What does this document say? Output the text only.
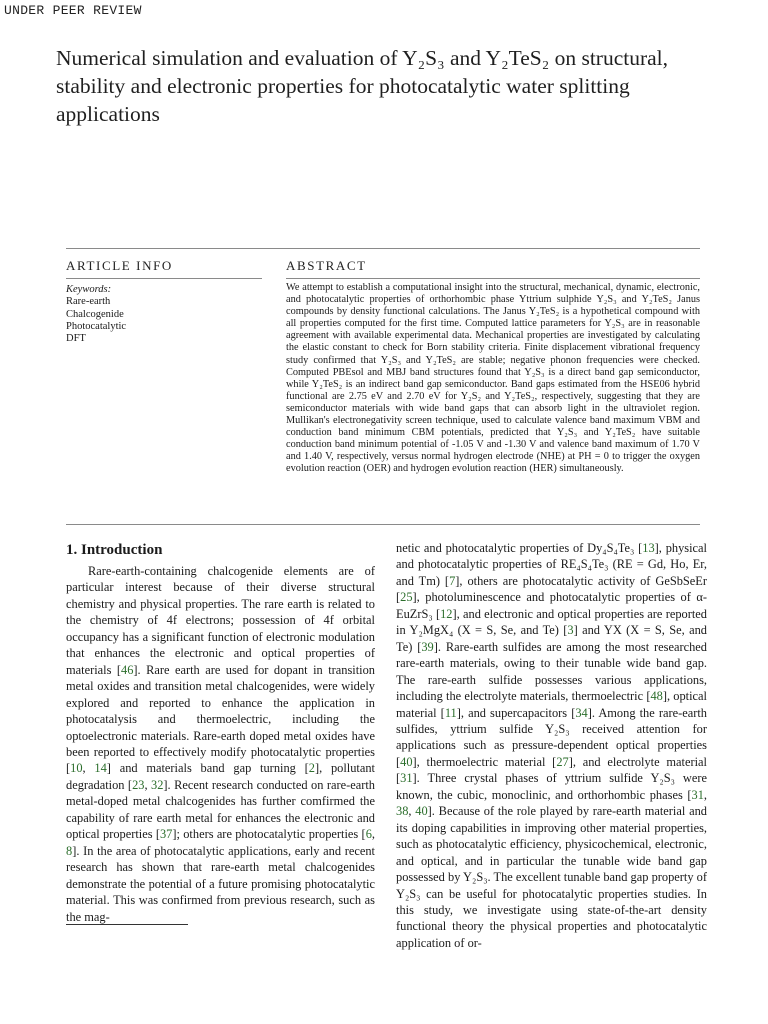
UNDER PEER REVIEW
Numerical simulation and evaluation of Y₂S₃ and Y₂TeS₂ on structural, stability and electronic properties for photocatalytic water splitting applications
ARTICLE INFO	ABSTRACT
Keywords:
Rare-earth
Chalcogenide
Photocatalytic
DFT

We attempt to establish a computational insight into the structural, mechanical, dynamic, electronic, and photocatalytic properties of orthorhombic phase Yttrium sulphide Y₂S₃ and Y₂TeS₂ Janus compounds by density functional calculations. The Janus Y₂TeS₂ is a hypothetical compound with all properties computed for the first time. Computed lattice parameters for Y₂S₃ are in reasonable agreement with available experimental data. Mechanical properties are investigated by calculating the elastic constant to check for Born stability criteria. Finite displacement vibrational frequency study confirmed that Y₂S₃ and Y₂TeS₂ are stable; negative phonon frequencies were checked. Computed PBEsol and MBJ band structures found that Y₂S₃ is a direct band gap semiconductor, while Y₂TeS₂ is an indirect band gap semiconductor. Band gaps estimated from the HSE06 hybrid functional are 2.75 eV and 2.70 eV for Y₂S₂ and Y₂TeS₂, respectively, suggesting that they are semiconductor materials with wide band gaps that can absorb light in the ultraviolet region. Mullikan's electronegativity screen technique, used to calculate valence band maximum VBM and conduction band minimum CBM potentials, predicted that Y₂S₃ and Y₂TeS₂ have suitable conduction band minimum potential of -1.05 V and -1.30 V and valence band maximum of 1.70 V and 1.40 V, respectively, versus normal hydrogen electrode (NHE) at PH = 0 to trigger the oxygen evolution reaction (OER) and hydrogen evolution reaction (HER) simultaneously.

1. Introduction

Rare-earth-containing chalcogenide elements are of particular interest because of their diverse structural chemistry and physical properties. The rare earth is related to the chemistry of 4f electrons; possession of 4f orbital occupancy has a significant function of electronic modulation that enhances the electronic and optical properties of materials [46]. Rare earth are used for dopant in transition metal oxides and transition metal chalcogenides, were widely explored and reported to enhance the application in photocatalysis and thermoelectric, including the optoelectronic materials. Rare-earth doped metal oxides have been reported to effectively modify photocatalytic properties [10, 14] and materials band gap turning [2], pollutant degradation [23, 32]. Recent research conducted on rare-earth metal-doped metal chalcogenides has further comfirmed the capability of rare earth metal for enhances the electronic and optical properties [37]; others are photocatalytic properties [6, 8]. In the area of photocatalytic applications, early and recent research has shown that rare-earth metal chalcogenides demonstrate the potential of a future promising photocatalytic material. This was confirmed from previous research, such as the mag-

netic and photocatalytic properties of Dy₄S₄Te₃ [13], physical and photocatalytic properties of RE₄S₄Te₃ (RE = Gd, Ho, Er, and Tm) [7], others are photocatalytic activity of GeSbSeEr [25], photoluminescence and photocatalytic properties of α-EuZrS₃ [12], and electronic and optical properties are reported in Y₂MgX₄ (X = S, Se, and Te) [3] and YX (X = S, Se, and Te) [39]. Rare-earth sulfides are among the most researched rare-earth materials, owing to their tunable wide band gap. The rare-earth sulfide possesses various applications, including the electrolyte materials, thermoelectric [48], optical material [11], and supercapacitors [34]. Among the rare-earth sulfides, yttrium sulfide Y₂S₃ received attention for applications such as pressure-dependent optical properties [40], thermoelectric material [27], and electrolyte material [31]. Three crystal phases of yttrium sulfide Y₂S₃ were known, the cubic, monoclinic, and orthorhombic phases [31, 38, 40]. Because of the role played by rare-earth material and its doping capabilities in improving other material properties, such as photocatalytic efficiency, physicochemical, electronic, and optical, and in particular the tunable wide band gap possessed by Y₂S₃. The excellent tunable band gap property of Y₂S₃ can be useful for photocatalytic properties studies. In this study, we investigate using state-of-the-art density functional theory the physical properties and photocatalytic application of or-
